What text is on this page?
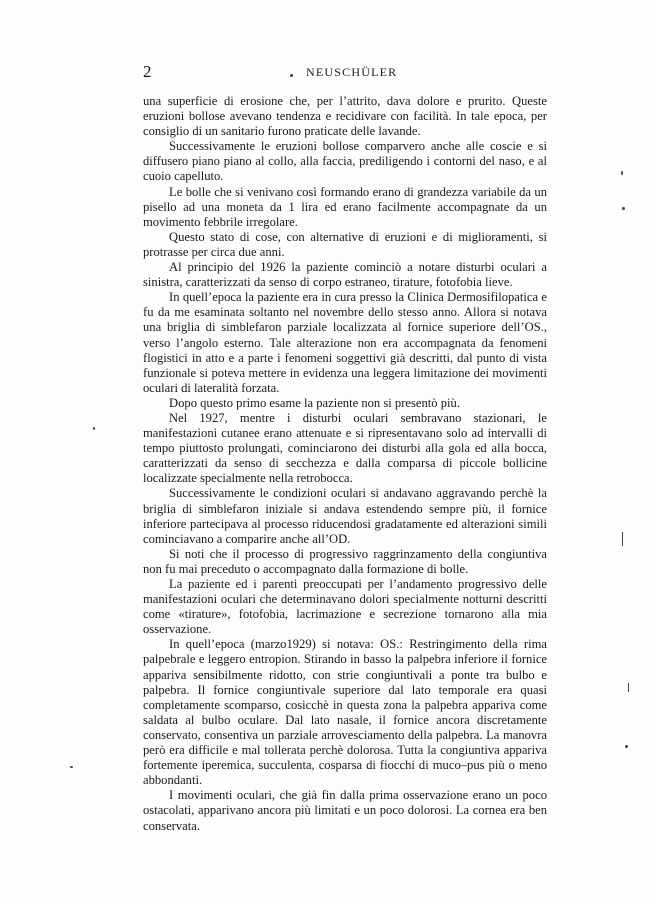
2	NEUSCHÜLER

una superficie di erosione che, per l’attrito, dava dolore e prurito. Queste eruzioni bollose avevano tendenza e recidivare con facilità. In tale epoca, per consiglio di un sanitario furono praticate delle lavande.

Successivamente le eruzioni bollose comparvero anche alle coscie e si diffusero piano piano al collo, alla faccia, prediligendo i contorni del naso, e al cuoio capelluto.

Le bolle che si venivano così formando erano di grandezza variabile da un pisello ad una moneta da 1 lira ed erano facilmente accompagnate da un movimento febbrile irregolare.

Questo stato di cose, con alternative di eruzioni e di miglioramenti, si protrasse per circa due anni.

Al principio del 1926 la paziente cominciò a notare disturbi oculari a sinistra, caratterizzati da senso di corpo estraneo, tirature, fotofobia lieve.

In quell’epoca la paziente era in cura presso la Clinica Dermosifilopatica e fu da me esaminata soltanto nel novembre dello stesso anno. Allora si notava una briglia di simblefaron parziale localizzata al fornice superiore dell’OS., verso l’angolo esterno. Tale alterazione non era accompagnata da fenomeni flogistici in atto e a parte i fenomeni soggettivi già descritti, dal punto di vista funzionale si poteva mettere in evidenza una leggera limitazione dei movimenti oculari di lateralità forzata.

Dopo questo primo esame la paziente non si presentò più.

Nel 1927, mentre i disturbi oculari sembravano stazionari, le manifestazioni cutanee erano attenuate e si ripresentavano solo ad intervalli di tempo piuttosto prolungati, cominciarono dei disturbi alla gola ed alla bocca, caratterizzati da senso di secchezza e dalla comparsa di piccole bollicine localizzate specialmente nella retrobocca.

Successivamente le condizioni oculari si andavano aggravando perchè la briglia di simblefaron iniziale si andava estendendo sempre più, il fornice inferiore partecipava al processo riducendosi gradatamente ed alterazioni simili cominciavano a comparire anche all’OD.

Si noti che il processo di progressivo raggrinzamento della congiuntiva non fu mai preceduto o accompagnato dalla formazione di bolle.

La paziente ed i parenti preoccupati per l’andamento progressivo delle manifestazioni oculari che determinavano dolori specialmente notturni descritti come «tirature», fotofobia, lacrimazione e secrezione tornarono alla mia osservazione.

In quell’epoca (marzo1929) si notava: OS.: Restringimento della rima palpebrale e leggero entropion. Stirando in basso la palpebra inferiore il fornice appariva sensibilmente ridotto, con strie congiuntivali a ponte tra bulbo e palpebra. Il fornice congiuntivale superiore dal lato temporale era quasi completamente scomparso, cosicchè in questa zona la palpebra appariva come saldata al bulbo oculare. Dal lato nasale, il fornice ancora discretamente conservato, consentiva un parziale arrovesciamento della palpebra. La manovra però era difficile e mal tollerata perchè dolorosa. Tutta la congiuntiva appariva fortemente iperemica, succulenta, cosparsa di fiocchi di muco–pus più o meno abbondanti.

I movimenti oculari, che già fin dalla prima osservazione erano un poco ostacolati, apparivano ancora più limitati e un poco dolorosi. La cornea era ben conservata.
